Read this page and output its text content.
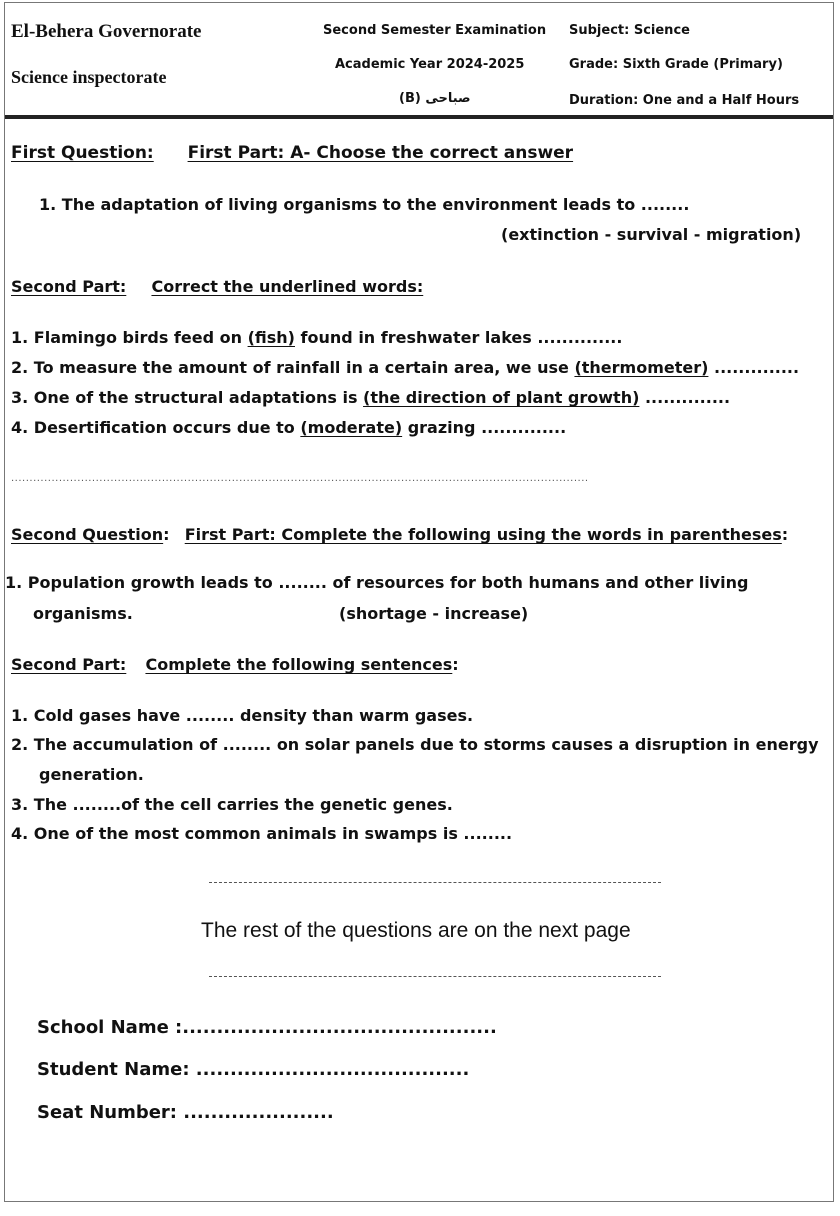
El-Behera Governorate
Science inspectorate
Second Semester Examination
Academic Year 2024-2025
صباحى (B)
Subject: Science
Grade: Sixth Grade (Primary)
Duration: One and a Half Hours
First Question: First Part: A- Choose the correct answer
1. The adaptation of living organisms to the environment leads to ........
(extinction - survival - migration)
Second Part: Correct the underlined words:
1. Flamingo birds feed on (fish) found in freshwater lakes ..............
2. To measure the amount of rainfall in a certain area, we use (thermometer) ..............
3. One of the structural adaptations is (the direction of plant growth) ..............
4. Desertification occurs due to (moderate) grazing ..............
.............................................................................................................................................................
Second Question: First Part: Complete the following using the words in parentheses:
1. Population growth leads to ........ of resources for both humans and other living
organisms.	(shortage - increase)
Second Part: Complete the following sentences:
1. Cold gases have ........ density than warm gases.
2. The accumulation of ........ on solar panels due to storms causes a disruption in energy
generation.
3. The ........of the cell carries the genetic genes.
4. One of the most common animals in swamps is ........
The rest of the questions are on the next page
School Name :..............................................
Student Name: ........................................
Seat Number: ......................
